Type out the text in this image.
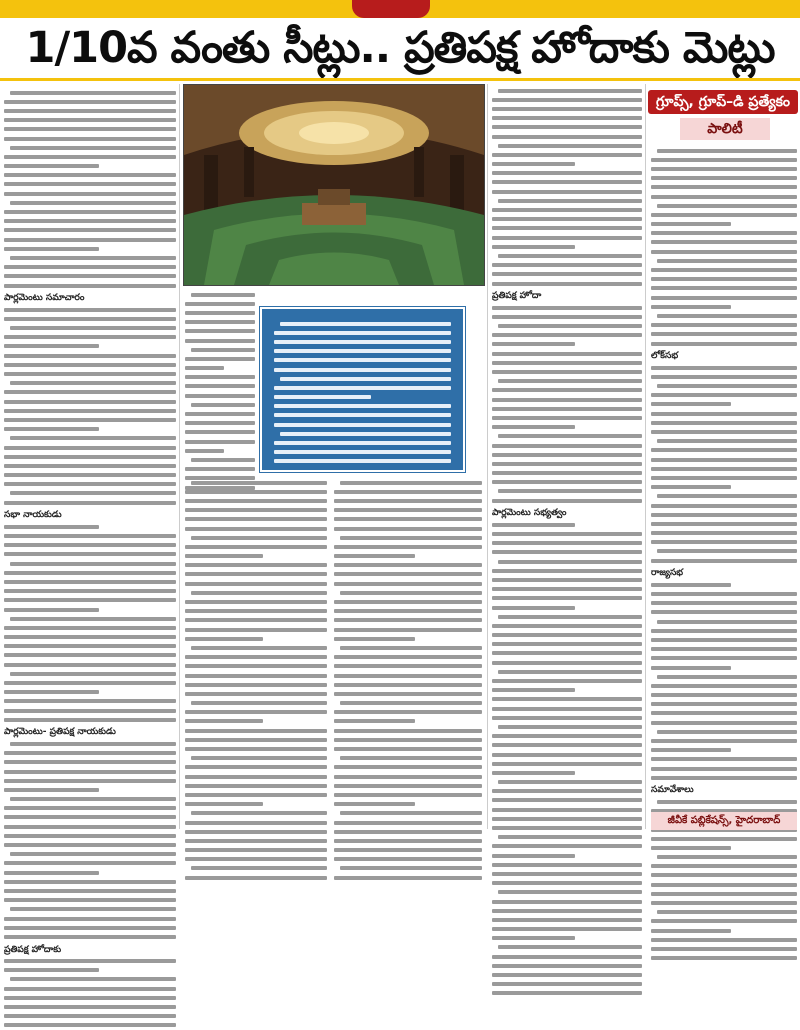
1/10వ వంతు సీట్లు.. ప్రతిపక్ష హోదాకు మెట్లు
పార్లమెంటు సమాచారం
సభా నాయకుడు
పార్లమెంటు- ప్రతిపక్ష నాయకుడు
ప్రతిపక్ష హోదాకు
ప్రతిపక్ష హోదా
పార్లమెంటు సభ్యత్వం
గ్రూప్స్, గ్రూప్–డి ప్రత్యేకం
పాలిటీ
లోక్‌సభ
రాజ్యసభ
సమావేశాలు
జీవీకే పబ్లికేషన్స్, హైదరాబాద్
